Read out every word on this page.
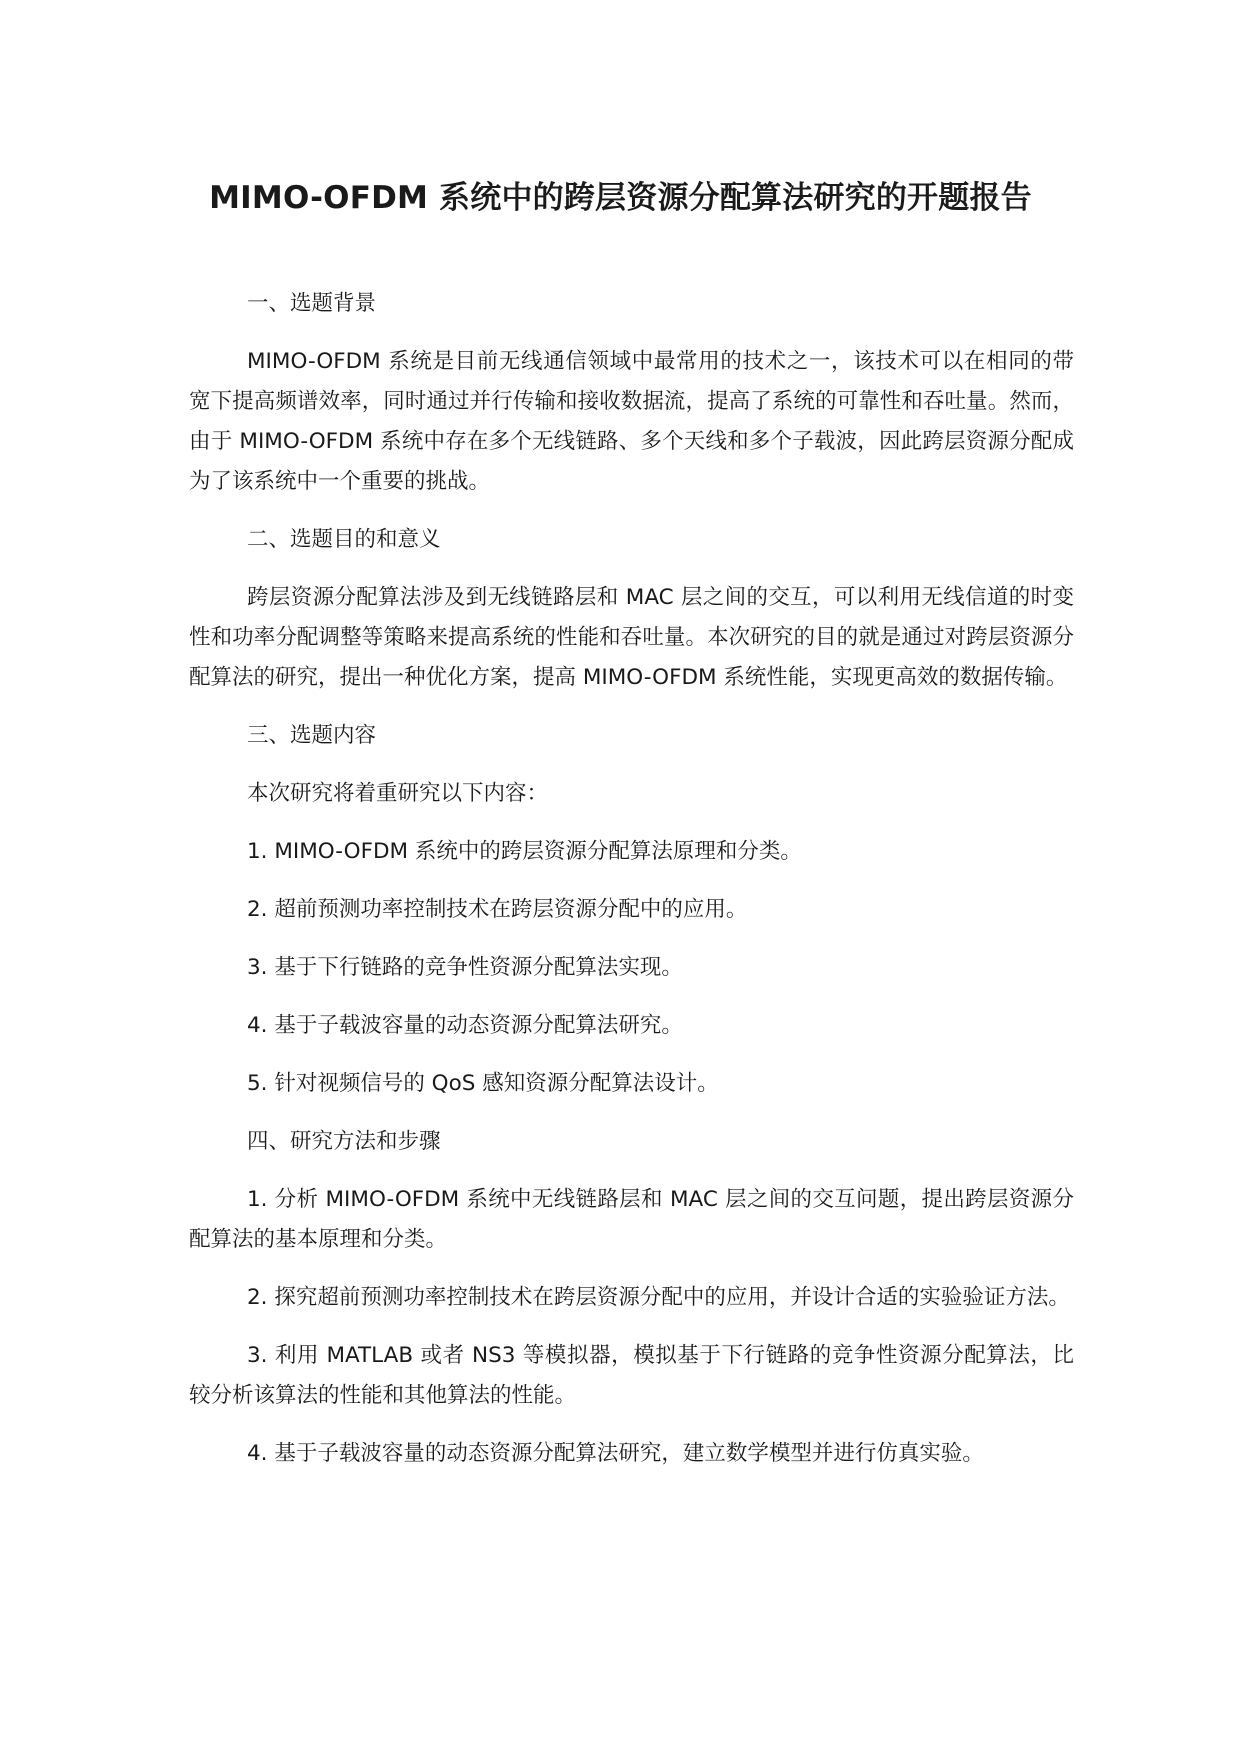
MIMO-OFDM 系统中的跨层资源分配算法研究的开题报告
一、选题背景
MIMO-OFDM 系统是目前无线通信领域中最常用的技术之一，该技术可以在相同的带宽下提高频谱效率，同时通过并行传输和接收数据流，提高了系统的可靠性和吞吐量。然而，由于 MIMO-OFDM 系统中存在多个无线链路、多个天线和多个子载波，因此跨层资源分配成为了该系统中一个重要的挑战。
二、选题目的和意义
跨层资源分配算法涉及到无线链路层和 MAC 层之间的交互，可以利用无线信道的时变性和功率分配调整等策略来提高系统的性能和吞吐量。本次研究的目的就是通过对跨层资源分配算法的研究，提出一种优化方案，提高 MIMO-OFDM 系统性能，实现更高效的数据传输。
三、选题内容
本次研究将着重研究以下内容：
1. MIMO-OFDM 系统中的跨层资源分配算法原理和分类。
2. 超前预测功率控制技术在跨层资源分配中的应用。
3. 基于下行链路的竞争性资源分配算法实现。
4. 基于子载波容量的动态资源分配算法研究。
5. 针对视频信号的 QoS 感知资源分配算法设计。
四、研究方法和步骤
1. 分析 MIMO-OFDM 系统中无线链路层和 MAC 层之间的交互问题，提出跨层资源分配算法的基本原理和分类。
2. 探究超前预测功率控制技术在跨层资源分配中的应用，并设计合适的实验验证方法。
3. 利用 MATLAB 或者 NS3 等模拟器，模拟基于下行链路的竞争性资源分配算法，比较分析该算法的性能和其他算法的性能。
4. 基于子载波容量的动态资源分配算法研究，建立数学模型并进行仿真实验。
